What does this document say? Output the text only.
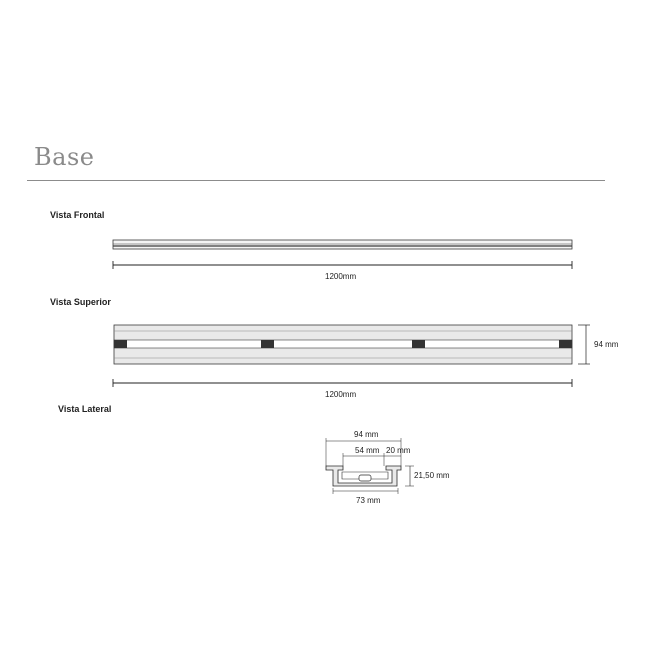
Base
Vista Frontal
Vista Superior
Vista Lateral
1200mm
94 mm
1200mm
94 mm
54 mm 20 mm
21,50 mm
73 mm
